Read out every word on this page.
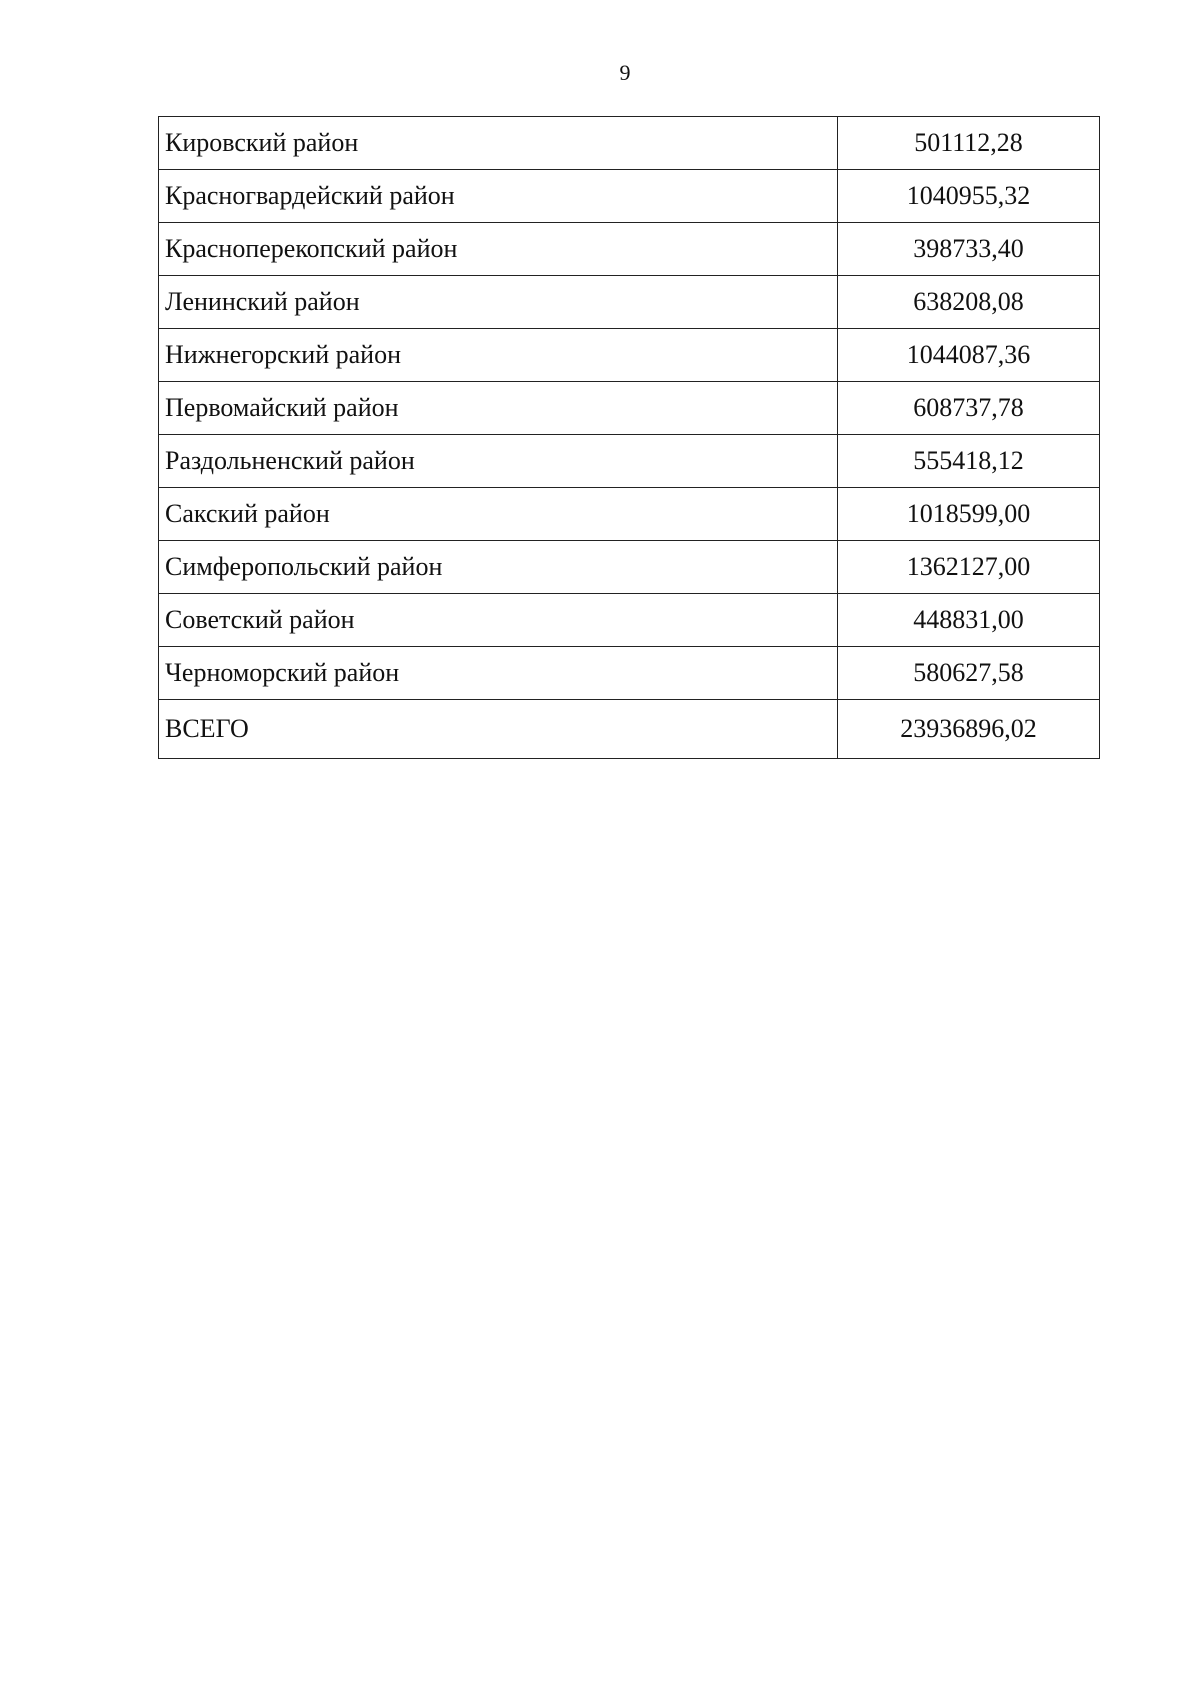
9
Кировский район	501112,28
Красногвардейский район	1040955,32
Красноперекопский район	398733,40
Ленинский район	638208,08
Нижнегорский район	1044087,36
Первомайский район	608737,78
Раздольненский район	555418,12
Сакский район	1018599,00
Симферопольский район	1362127,00
Советский район	448831,00
Черноморский район	580627,58
ВСЕГО	23936896,02
